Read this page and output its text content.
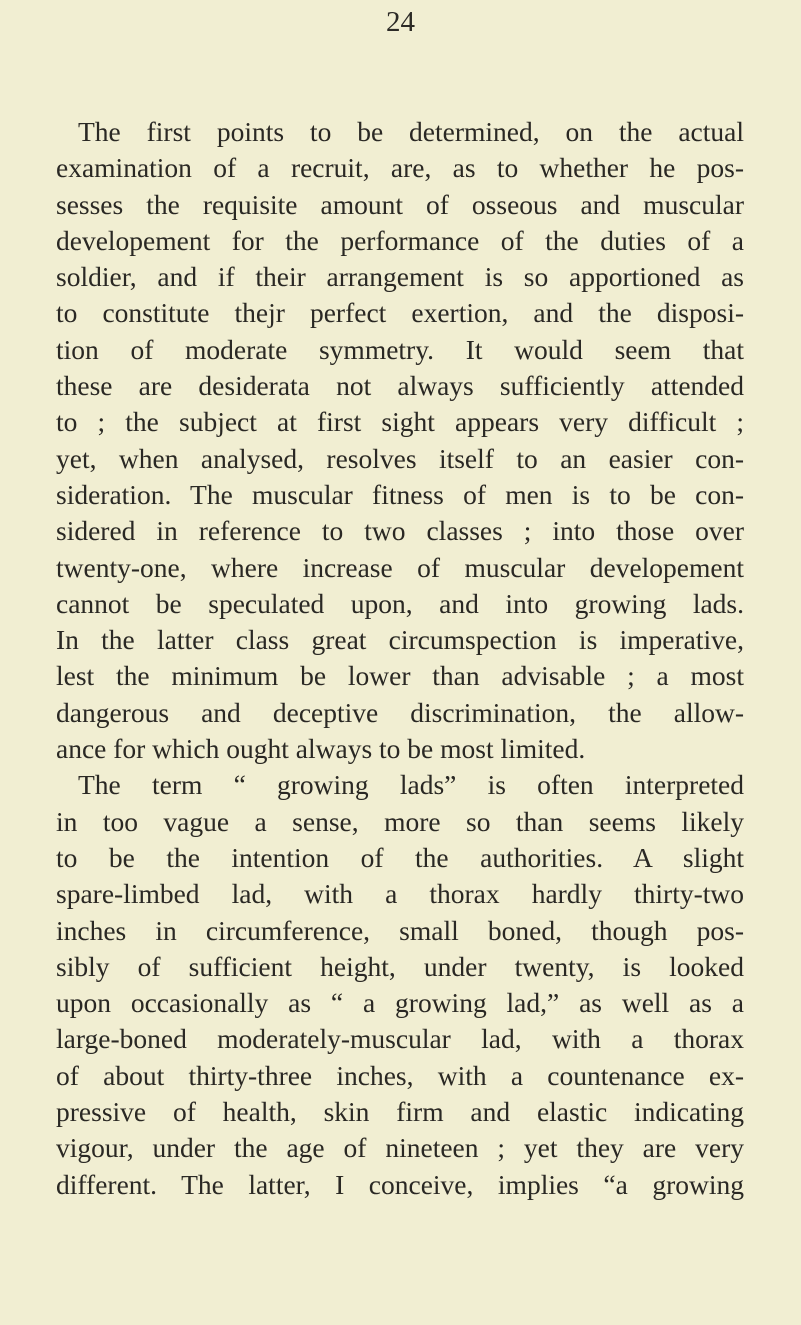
24
The first points to be determined, on the actual
examination of a recruit, are, as to whether he pos-
sesses the requisite amount of osseous and muscular
developement for the performance of the duties of a
soldier, and if their arrangement is so apportioned as
to constitute thejr perfect exertion, and the disposi-
tion of moderate symmetry. It would seem that
these are desiderata not always sufficiently attended
to ; the subject at first sight appears very difficult ;
yet, when analysed, resolves itself to an easier con-
sideration. The muscular fitness of men is to be con-
sidered in reference to two classes ; into those over
twenty-one, where increase of muscular developement
cannot be speculated upon, and into growing lads.
In the latter class great circumspection is imperative,
lest the minimum be lower than advisable ; a most
dangerous and deceptive discrimination, the allow-
ance for which ought always to be most limited.
The term “ growing lads” is often interpreted
in too vague a sense, more so than seems likely
to be the intention of the authorities. A slight
spare-limbed lad, with a thorax hardly thirty-two
inches in circumference, small boned, though pos-
sibly of sufficient height, under twenty, is looked
upon occasionally as “ a growing lad,” as well as a
large-boned moderately-muscular lad, with a thorax
of about thirty-three inches, with a countenance ex-
pressive of health, skin firm and elastic indicating
vigour, under the age of nineteen ; yet they are very
different. The latter, I conceive, implies “a growing
